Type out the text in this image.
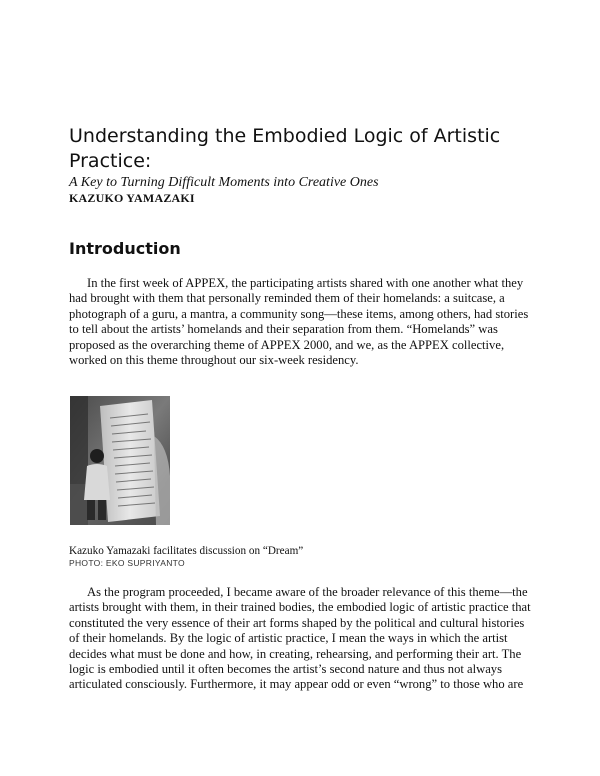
Understanding the Embodied Logic of Artistic Practice:

A Key to Turning Difficult Moments into Creative Ones

KAZUKO YAMAZAKI

Introduction

In the first week of APPEX, the participating artists shared with one another what they had brought with them that personally reminded them of their homelands: a suitcase, a photograph of a guru, a mantra, a community song—these items, among others, had stories to tell about the artists’ homelands and their separation from them. “Homelands” was proposed as the overarching theme of APPEX 2000, and we, as the APPEX collective, worked on this theme throughout our six-week residency.

Kazuko Yamazaki facilitates discussion on “Dream”

PHOTO: EKO SUPRIYANTO

As the program proceeded, I became aware of the broader relevance of this theme—the artists brought with them, in their trained bodies, the embodied logic of artistic practice that constituted the very essence of their art forms shaped by the political and cultural histories of their homelands. By the logic of artistic practice, I mean the ways in which the artist decides what must be done and how, in creating, rehearsing, and performing their art. The logic is embodied until it often becomes the artist’s second nature and thus not always articulated consciously. Furthermore, it may appear odd or even “wrong” to those who are
